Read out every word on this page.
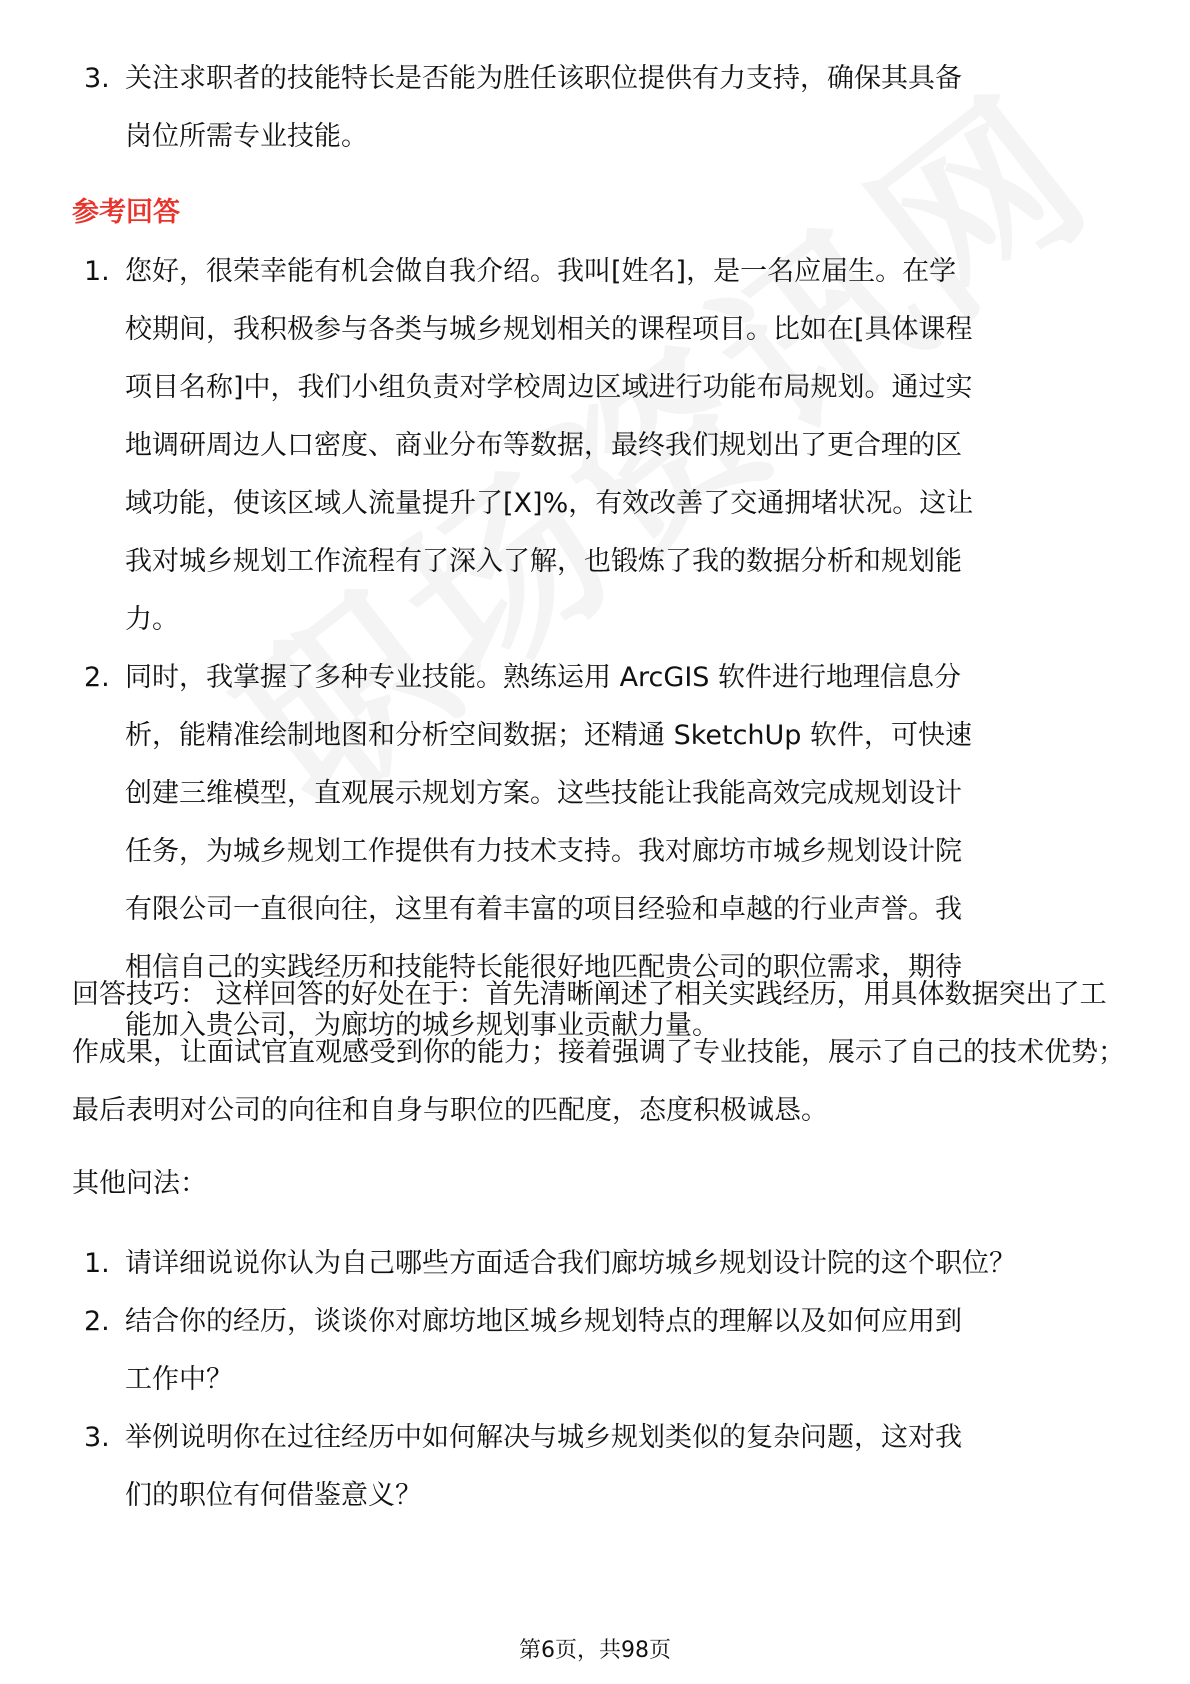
3. 关注求职者的技能特长是否能为胜任该职位提供有力支持，确保其具备岗位所需专业技能。
参考回答
1. 您好，很荣幸能有机会做自我介绍。我叫[姓名]，是一名应届生。在学校期间，我积极参与各类与城乡规划相关的课程项目。比如在[具体课程项目名称]中，我们小组负责对学校周边区域进行功能布局规划。通过实地调研周边人口密度、商业分布等数据，最终我们规划出了更合理的区域功能，使该区域人流量提升了[X]%，有效改善了交通拥堵状况。这让我对城乡规划工作流程有了深入了解，也锻炼了我的数据分析和规划能力。
2. 同时，我掌握了多种专业技能。熟练运用 ArcGIS 软件进行地理信息分析，能精准绘制地图和分析空间数据；还精通 SketchUp 软件，可快速创建三维模型，直观展示规划方案。这些技能让我能高效完成规划设计任务，为城乡规划工作提供有力技术支持。我对廊坊市城乡规划设计院有限公司一直很向往，这里有着丰富的项目经验和卓越的行业声誉。我相信自己的实践经历和技能特长能很好地匹配贵公司的职位需求，期待能加入贵公司，为廊坊的城乡规划事业贡献力量。
回答技巧： 这样回答的好处在于：首先清晰阐述了相关实践经历，用具体数据突出了工作成果，让面试官直观感受到你的能力；接着强调了专业技能，展示了自己的技术优势；最后表明对公司的向往和自身与职位的匹配度，态度积极诚恳。
其他问法：
1. 请详细说说你认为自己哪些方面适合我们廊坊城乡规划设计院的这个职位？
2. 结合你的经历，谈谈你对廊坊地区城乡规划特点的理解以及如何应用到工作中？
3. 举例说明你在过往经历中如何解决与城乡规划类似的复杂问题，这对我们的职位有何借鉴意义？
第6页，共98页
